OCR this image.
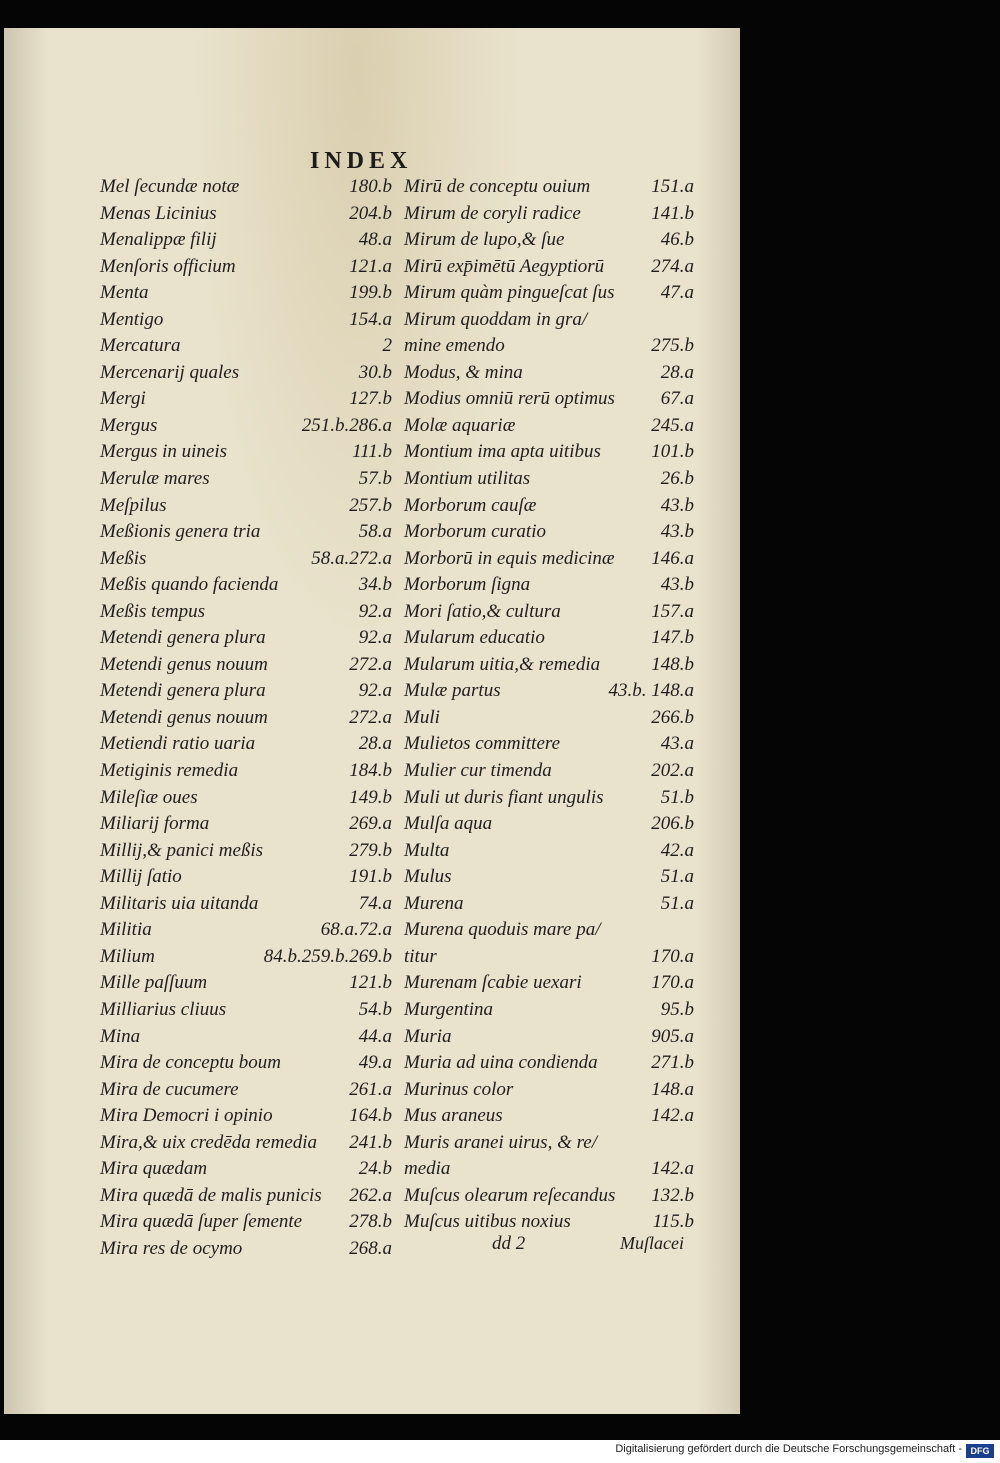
INDEX
Mel ſecundæ notæ	180.b
Menas Licinius	204.b
Menalippæ filij	48.a
Menſoris officium	121.a
Menta	199.b
Mentigo	154.a
Mercatura	2
Mercenarij quales	30.b
Mergi	127.b
Mergus	251.b.286.a
Mergus in uineis	111.b
Merulæ mares	57.b
Meſpilus	257.b
Meßionis genera tria	58.a
Meßis	58.a.272.a
Meßis quando facienda	34.b
Meßis tempus	92.a
Metendi genera plura	92.a
Metendi genus nouum	272.a
Metendi genera plura	92.a
Metendi genus nouum	272.a
Metiendi ratio uaria	28.a
Metiginis remedia	184.b
Mileſiæ oues	149.b
Miliarij forma	269.a
Millij,& panici meßis	279.b
Millij ſatio	191.b
Militaris uia uitanda	74.a
Militia	68.a.72.a
Milium	84.b.259.b.269.b
Mille paſſuum	121.b
Milliarius cliuus	54.b
Mina	44.a
Mira de conceptu boum	49.a
Mira de cucumere	261.a
Mira Democri i opinio	164.b
Mira,& uix credēda remedia 241.b
Mira quædam	24.b
Mira quædā de malis punicis 262.a
Mira quædā ſuper ſemente 278.b
Mira res de ocymo	268.a
Mirū de conceptu ouium	151.a
Mirum de coryli radice	141.b
Mirum de lupo,& ſue	46.b
Mirū exp̄imētū Aegyptiorū 274.a
Mirum quàm pingueſcat ſus 47.a
Mirum quoddam in gra/
mine emendo	275.b
Modus, & mina	28.a
Modius omniū rerū optimus 67.a
Molæ aquariæ	245.a
Montium ima apta uitibus	101.b
Montium utilitas	26.b
Morborum cauſæ	43.b
Morborum curatio	43.b
Morborū in equis medicinæ 146.a
Morborum ſigna	43.b
Mori ſatio,& cultura	157.a
Mularum educatio	147.b
Mularum uitia,& remedia	148.b
Mulæ partus	43.b. 148.a
Muli	266.b
Mulietos committere	43.a
Mulier cur timenda	202.a
Muli ut duris fiant ungulis	51.b
Mulſa aqua	206.b
Multa	42.a
Mulus	51.a
Murena	51.a
Murena quoduis mare pa/
titur	170.a
Murenam ſcabie uexari	170.a
Murgentina	95.b
Muria	905.a
Muria ad uina condienda	271.b
Murinus color	148.a
Mus araneus	142.a
Muris aranei uirus, & re/
media	142.a
Muſcus olearum reſecandus 132.b
Muſcus uitibus noxius	115.b
dd 2	Muſlacei
Digitalisierung gefördert durch die Deutsche Forschungsgemeinschaft - DFG
